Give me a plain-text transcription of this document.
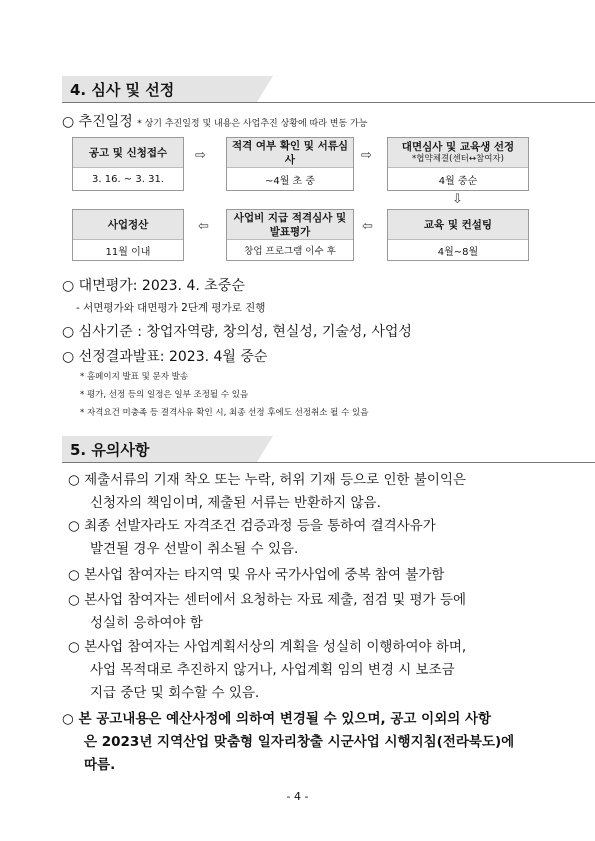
4. 심사 및 선정
○ 추진일정 * 상기 추진일정 및 내용은 사업추진 상황에 따라 변동 가능
공고 및 신청접수
3. 16. ~ 3. 31.
⇨
적격 여부 확인 및 서류심사
~4월 초 중
⇨
대면심사 및 교육생 선정
*협약체결(센터↔참여자)
4월 중순
⇩
사업정산
11월 이내
⇦
사업비 지급 적격심사 및 발표평가
창업 프로그램 이수 후
⇦	교육 및 컨설팅
4월~8월
○ 대면평가: 2023. 4. 초중순
- 서면평가와 대면평가 2단계 평가로 진행
○ 심사기준 : 창업자역량, 창의성, 현실성, 기술성, 사업성
○ 선정결과발표: 2023. 4월 중순
* 홈페이지 발표 및 문자 발송
* 평가, 선정 등의 일정은 일부 조정될 수 있음
* 자격요건 미충족 등 결격사유 확인 시, 최종 선정 후에도 선정취소 될 수 있음
5. 유의사항
○ 제출서류의 기재 착오 또는 누락, 허위 기재 등으로 인한 불이익은
신청자의 책임이며, 제출된 서류는 반환하지 않음.
○ 최종 선발자라도 자격조건 검증과정 등을 통하여 결격사유가
발견될 경우 선발이 취소될 수 있음.
○ 본사업 참여자는 타지역 및 유사 국가사업에 중복 참여 불가함
○ 본사업 참여자는 센터에서 요청하는 자료 제출, 점검 및 평가 등에
성실히 응하여야 함
○ 본사업 참여자는 사업계획서상의 계획을 성실히 이행하여야 하며,
사업 목적대로 추진하지 않거나, 사업계획 임의 변경 시 보조금
지급 중단 및 회수할 수 있음.
○ 본 공고내용은 예산사정에 의하여 변경될 수 있으며, 공고 이외의 사항
은 2023년 지역산업 맞춤형 일자리창출 시군사업 시행지침(전라북도)에
따름.
- 4 -
